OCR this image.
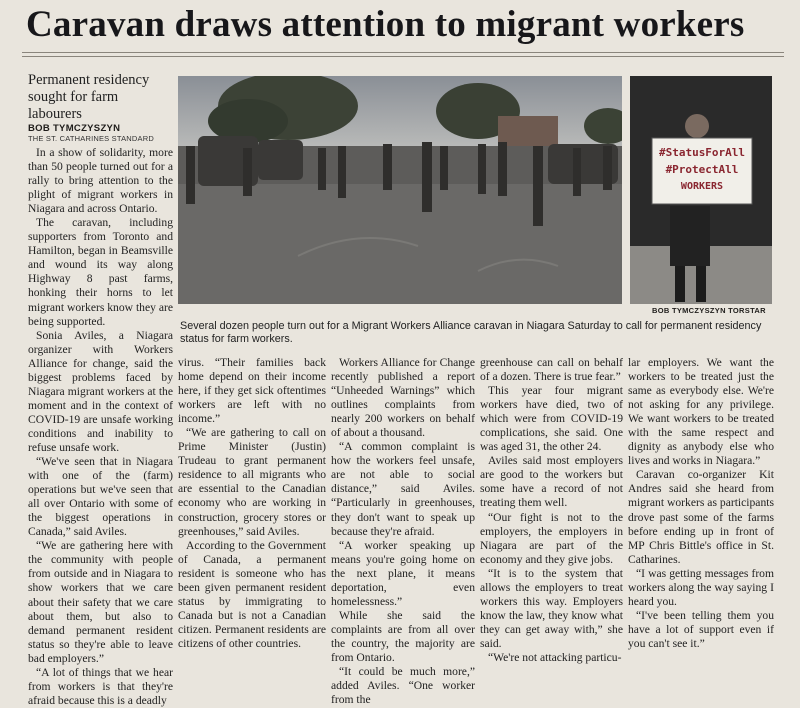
Caravan draws attention to migrant workers
Permanent residency sought for farm labourers
BOB TYMCZYSZYN
THE ST. CATHARINES STANDARD

In a show of solidarity, more than 50 people turned out for a rally to bring attention to the plight of migrant workers in Niagara and across Ontario.

The caravan, including supporters from Toronto and Hamilton, began in Beamsville and wound its way along Highway 8 past farms, honking their horns to let migrant workers know they are being supported.

Sonia Aviles, a Niagara organizer with Workers Alliance for change, said the biggest problems faced by Niagara migrant workers at the moment and in the context of COVID-19 are unsafe working conditions and inability to refuse unsafe work.

“We've seen that in Niagara with one of the (farm) operations but we've seen that all over Ontario with some of the biggest operations in Canada,” said Aviles.

“We are gathering here with the community with people from outside and in Niagara to show workers that we care about their safety that we care about them, but also to demand permanent resident status so they're able to leave bad employers.”

“A lot of things that we hear from workers is that they're afraid because this is a deadly

#StatusForAll
#ProtectAll
WORKERS
BOB TYMCZYSZYN TORSTAR
Several dozen people turn out for a Migrant Workers Alliance caravan in Niagara Saturday to call for permanent residency status for farm workers.

virus. “Their families back home depend on their income here, if they get sick oftentimes workers are left with no income.”

“We are gathering to call on Prime Minister (Justin) Trudeau to grant permanent residence to all migrants who are essential to the Canadian economy who are working in construction, grocery stores or greenhouses,” said Aviles.

According to the Government of Canada, a permanent resident is someone who has been given permanent resident status by immigrating to Canada but is not a Canadian citizen. Permanent residents are citizens of other countries.

Workers Alliance for Change recently published a report “Unheeded Warnings” which outlines complaints from nearly 200 workers on behalf of about a thousand.

“A common complaint is how the workers feel unsafe, are not able to social distance,” said Aviles. “Particularly in greenhouses, they don't want to speak up because they're afraid.

“A worker speaking up means you're going home on the next plane, it means deportation, even homelessness.”

While she said the complaints are from all over the country, the majority are from Ontario.

“It could be much more,” added Aviles. “One worker from the

greenhouse can call on behalf of a dozen. There is true fear.”

This year four migrant workers have died, two of which were from COVID-19 complications, she said. One was aged 31, the other 24.

Aviles said most employers are good to the workers but some have a record of not treating them well.

“Our fight is not to the employers, the employers in Niagara are part of the economy and they give jobs.

“It is to the system that allows the employers to treat workers this way. Employers know the law, they know what they can get away with,” she said.

“We're not attacking particu-

lar employers. We want the workers to be treated just the same as everybody else. We're not asking for any privilege. We want workers to be treated with the same respect and dignity as anybody else who lives and works in Niagara.”

Caravan co-organizer Kit Andres said she heard from migrant workers as participants drove past some of the farms before ending up in front of MP Chris Bittle's office in St. Catharines.

“I was getting messages from workers along the way saying I heard you.

“I've been telling them you have a lot of support even if you can't see it.”
